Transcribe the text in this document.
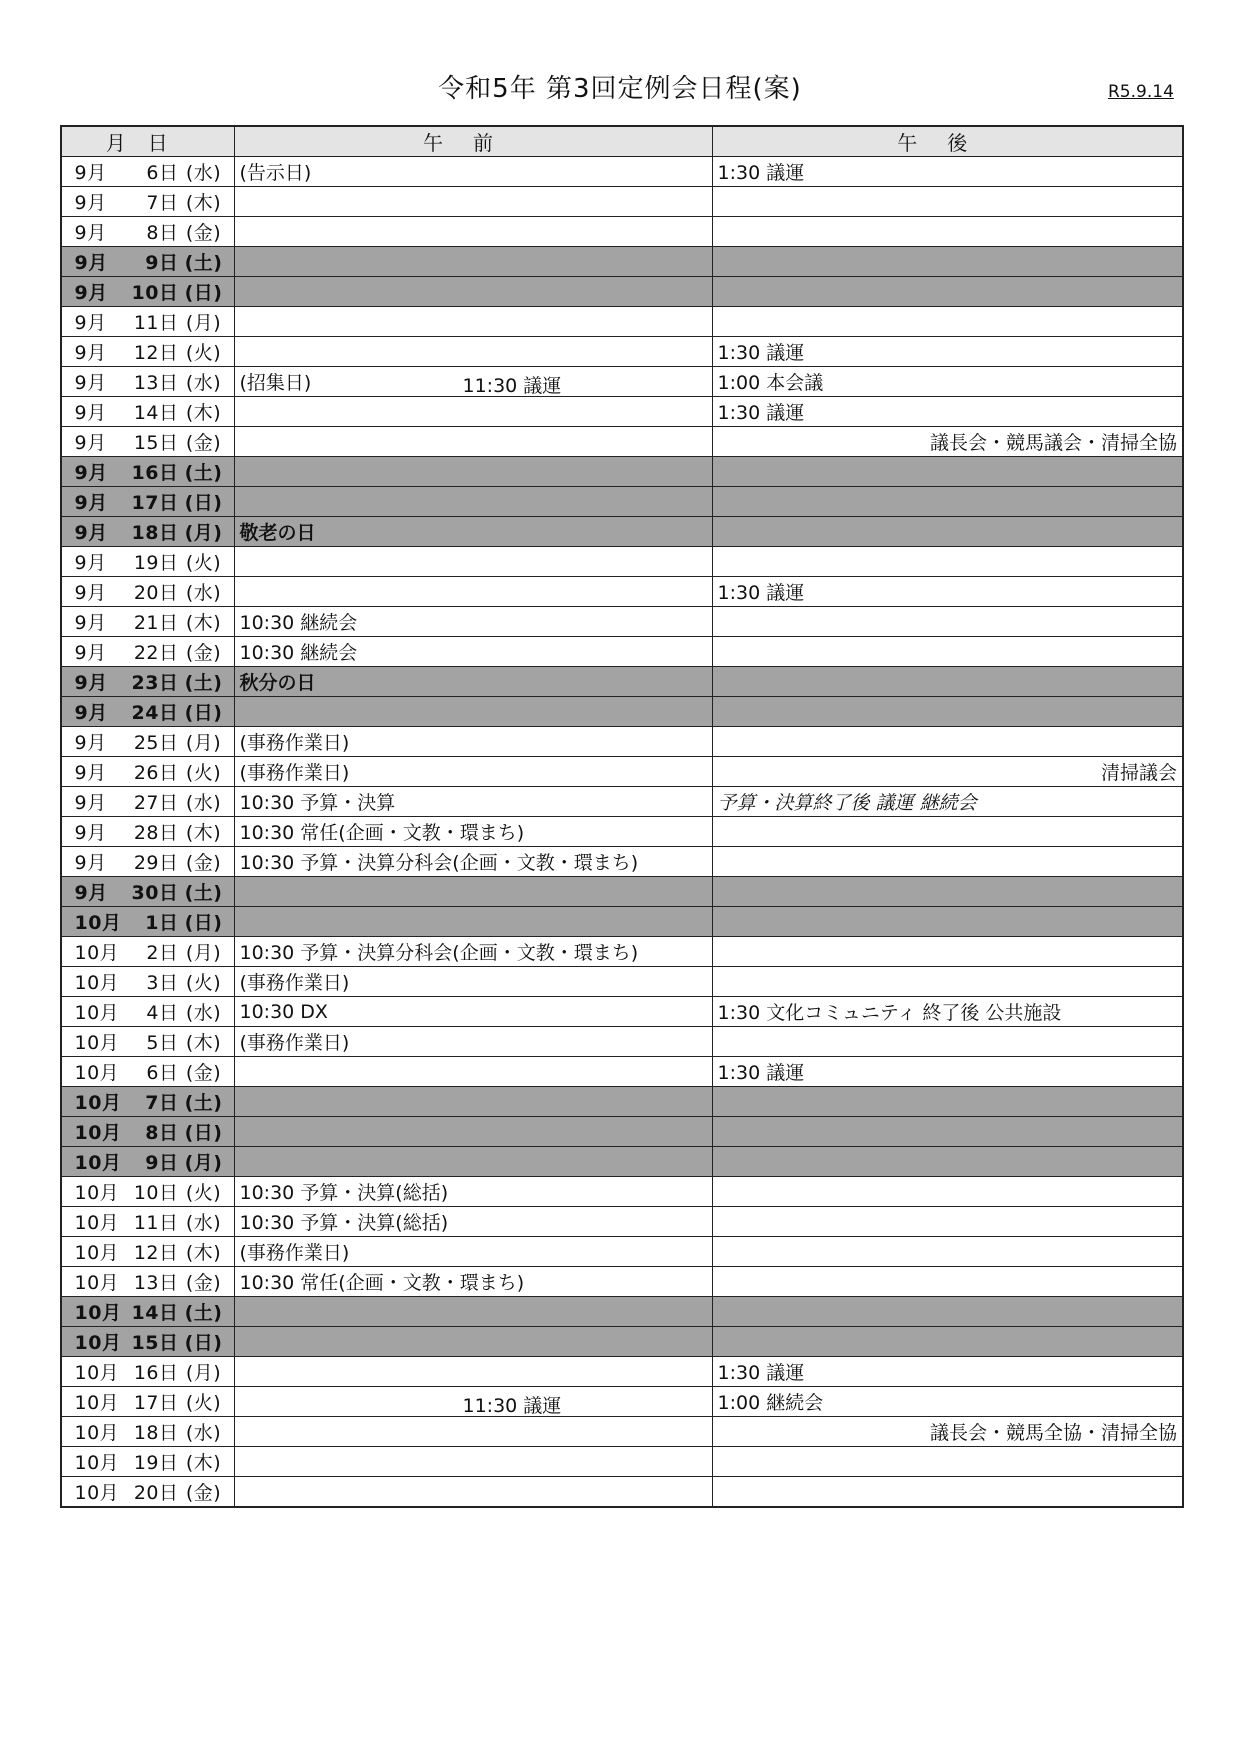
令和5年 第3回定例会日程(案)	R5.9.14
月日	午前	午後
9月 6日 (水)	(告示日)	1:30 議運
9月 7日 (木)		
9月 8日 (金)		
9月 9日 (土)		
9月 10日 (日)		
9月 11日 (月)		
9月 12日 (火)		1:30 議運
9月 13日 (水)	(招集日) 11:30 議運	1:00 本会議
9月 14日 (木)		1:30 議運
9月 15日 (金)		議長会・競馬議会・清掃全協
9月 16日 (土)		
9月 17日 (日)		
9月 18日 (月)	敬老の日	
9月 19日 (火)		
9月 20日 (水)		1:30 議運
9月 21日 (木)	10:30 継続会	
9月 22日 (金)	10:30 継続会	
9月 23日 (土)	秋分の日	
9月 24日 (日)		
9月 25日 (月)	(事務作業日)	
9月 26日 (火)	(事務作業日)	清掃議会
9月 27日 (水)	10:30 予算・決算	予算・決算終了後 議運 継続会
9月 28日 (木)	10:30 常任(企画・文教・環まち)	
9月 29日 (金)	10:30 予算・決算分科会(企画・文教・環まち)	
9月 30日 (土)		
10月 1日 (日)		
10月 2日 (月)	10:30 予算・決算分科会(企画・文教・環まち)	
10月 3日 (火)	(事務作業日)	
10月 4日 (水)	10:30 DX	1:30 文化コミュニティ 終了後 公共施設
10月 5日 (木)	(事務作業日)	
10月 6日 (金)		1:30 議運
10月 7日 (土)		
10月 8日 (日)		
10月 9日 (月)		
10月 10日 (火)	10:30 予算・決算(総括)	
10月 11日 (水)	10:30 予算・決算(総括)	
10月 12日 (木)	(事務作業日)	
10月 13日 (金)	10:30 常任(企画・文教・環まち)	
10月 14日 (土)		
10月 15日 (日)		
10月 16日 (月)		1:30 議運
10月 17日 (火)	11:30 議運	1:00 継続会
10月 18日 (水)		議長会・競馬全協・清掃全協
10月 19日 (木)		
10月 20日 (金)		
